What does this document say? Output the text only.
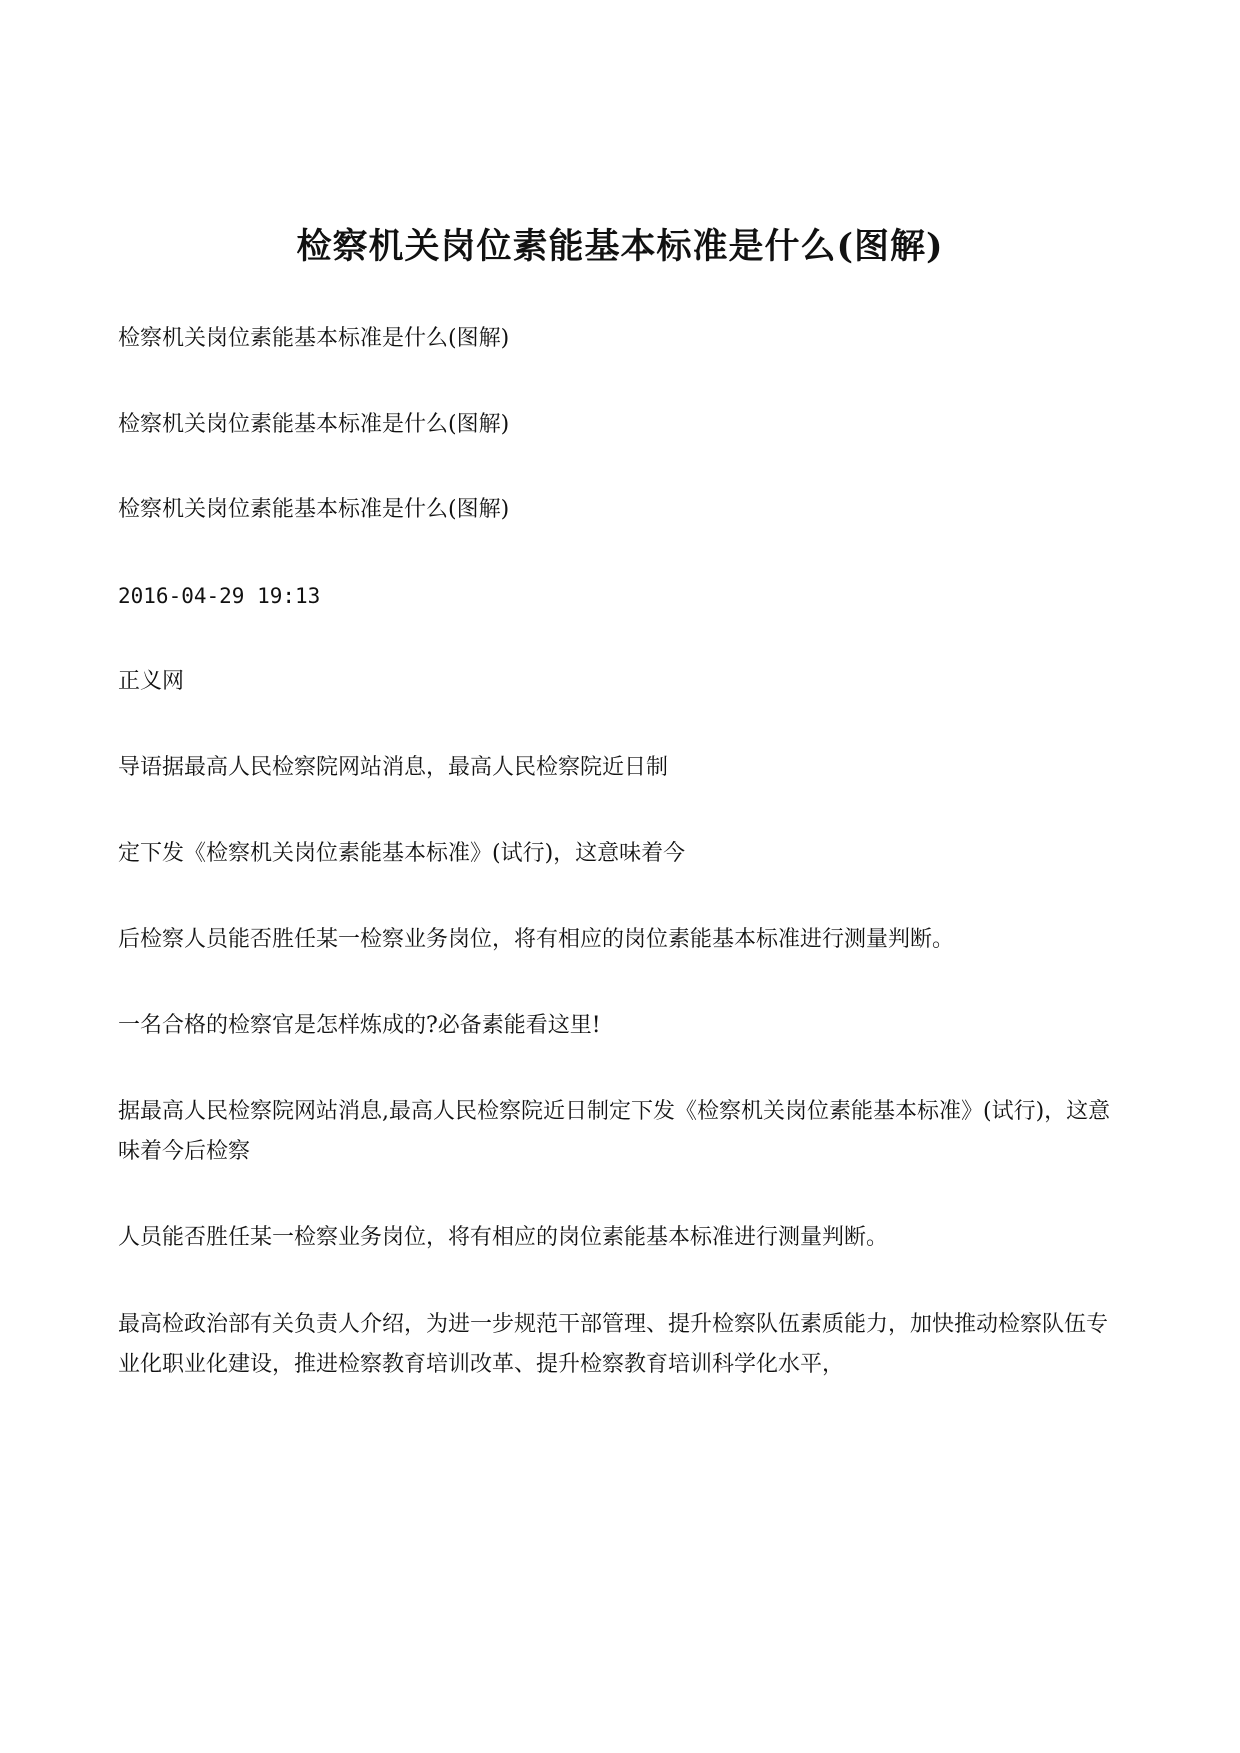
检察机关岗位素能基本标准是什么(图解)
检察机关岗位素能基本标准是什么(图解)
检察机关岗位素能基本标准是什么(图解)
检察机关岗位素能基本标准是什么(图解)
2016-04-29 19:13
正义网
导语据最高人民检察院网站消息，最高人民检察院近日制
定下发《检察机关岗位素能基本标准》(试行)，这意味着今
后检察人员能否胜任某一检察业务岗位，将有相应的岗位素能基本标准进行测量判断。
一名合格的检察官是怎样炼成的?必备素能看这里!
据最高人民检察院网站消息,最高人民检察院近日制定下发《检察机关岗位素能基本标准》(试行)，这意味着今后检察
人员能否胜任某一检察业务岗位，将有相应的岗位素能基本标准进行测量判断。
最高检政治部有关负责人介绍，为进一步规范干部管理、提升检察队伍素质能力，加快推动检察队伍专业化职业化建设，推进检察教育培训改革、提升检察教育培训科学化水平，
